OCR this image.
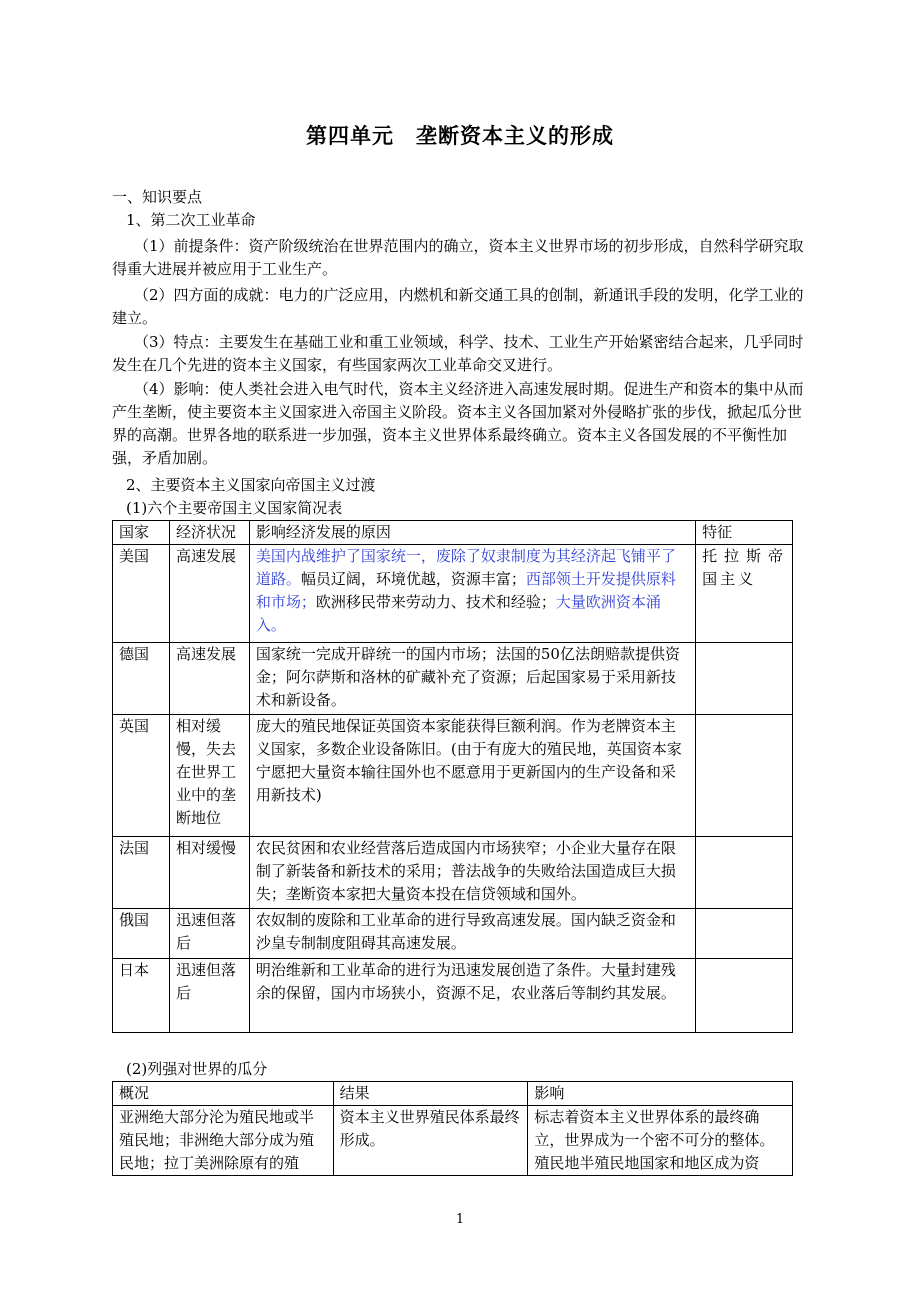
第四单元　垄断资本主义的形成
一、知识要点
1、第二次工业革命
（1）前提条件：资产阶级统治在世界范围内的确立，资本主义世界市场的初步形成，自然科学研究取得重大进展并被应用于工业生产。
（2）四方面的成就：电力的广泛应用，内燃机和新交通工具的创制，新通讯手段的发明，化学工业的建立。
（3）特点：主要发生在基础工业和重工业领域，科学、技术、工业生产开始紧密结合起来，几乎同时发生在几个先进的资本主义国家，有些国家两次工业革命交叉进行。
（4）影响：使人类社会进入电气时代，资本主义经济进入高速发展时期。促进生产和资本的集中从而产生垄断，使主要资本主义国家进入帝国主义阶段。资本主义各国加紧对外侵略扩张的步伐，掀起瓜分世界的高潮。世界各地的联系进一步加强，资本主义世界体系最终确立。资本主义各国发展的不平衡性加强，矛盾加剧。
2、主要资本主义国家向帝国主义过渡
(1)六个主要帝国主义国家简况表
国家	经济状况	影响经济发展的原因	特征
美国	高速发展	美国内战维护了国家统一，废除了奴隶制度为其经济起飞铺平了道路。幅员辽阔，环境优越，资源丰富；西部领土开发提供原料和市场；欧洲移民带来劳动力、技术和经验；大量欧洲资本涌入。	托拉斯帝国主义
德国	高速发展	国家统一完成开辟统一的国内市场；法国的50亿法朗赔款提供资金；阿尔萨斯和洛林的矿藏补充了资源；后起国家易于采用新技术和新设备。	
英国	相对缓慢，失去在世界工业中的垄断地位	庞大的殖民地保证英国资本家能获得巨额利润。作为老牌资本主义国家，多数企业设备陈旧。(由于有庞大的殖民地，英国资本家宁愿把大量资本输往国外也不愿意用于更新国内的生产设备和采用新技术)	
法国	相对缓慢	农民贫困和农业经营落后造成国内市场狭窄；小企业大量存在限制了新装备和新技术的采用；普法战争的失败给法国造成巨大损失；垄断资本家把大量资本投在信贷领域和国外。	
俄国	迅速但落后	农奴制的废除和工业革命的进行导致高速发展。国内缺乏资金和沙皇专制制度阻碍其高速发展。	
日本	迅速但落后	明治维新和工业革命的进行为迅速发展创造了条件。大量封建残余的保留，国内市场狭小，资源不足，农业落后等制约其发展。	
(2)列强对世界的瓜分
概况	结果	影响
亚洲绝大部分沦为殖民地或半殖民地；非洲绝大部分成为殖民地；拉丁美洲除原有的殖	资本主义世界殖民体系最终形成。	标志着资本主义世界体系的最终确立，世界成为一个密不可分的整体。殖民地半殖民地国家和地区成为资
1
